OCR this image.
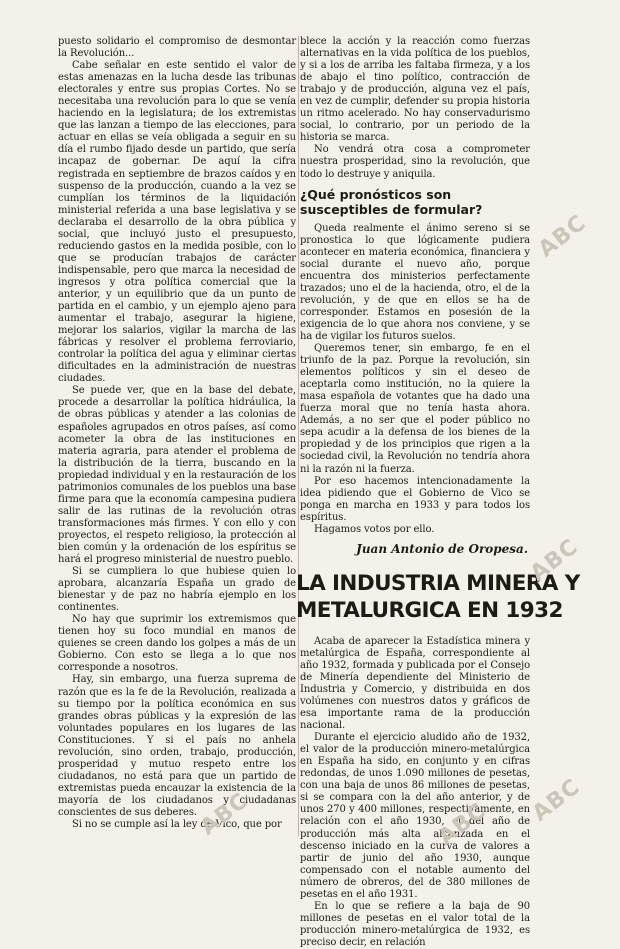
puesto solidario el compromiso de desmontar la Revolución...

Cabe señalar en este sentido el valor de estas amenazas en la lucha desde las tribunas electorales y entre sus propias Cortes. No se necesitaba una revolución para lo que se venía haciendo en la legislatura; de los extremistas que las lanzan a tiempo de las elecciones, para actuar en ellas se veía obligada a seguir en su día el rumbo fijado desde un partido, que sería incapaz de gobernar. De aquí la cifra registrada en septiembre de brazos caídos y en suspenso de la producción, cuando a la vez se cumplían los términos de la liquidación ministerial referida a una base legislativa y se declaraba el desarrollo de la obra pública y social, que incluyó justo el presupuesto, reduciendo gastos en la medida posible, con lo que se producían trabajos de carácter indispensable, pero que marca la necesidad de ingresos y otra política comercial que la anterior, y un equilibrio que da un punto de partida en el cambio, y un ejemplo ajeno para aumentar el trabajo, asegurar la higiene, mejorar los salarios, vigilar la marcha de las fábricas y resolver el problema ferroviario, controlar la política del agua y eliminar ciertas dificultades en la administración de nuestras ciudades.

Se puede ver, que en la base del debate, procede a desarrollar la política hidráulica, la de obras públicas y atender a las colonias de españoles agrupados en otros países, así como acometer la obra de las instituciones en materia agraria, para atender el problema de la distribución de la tierra, buscando en la propiedad individual y en la restauración de los patrimonios comunales de los pueblos una base firme para que la economía campesina pudiera salir de las rutinas de la revolución otras transformaciones más firmes. Y con ello y con proyectos, el respeto religioso, la protección al bien común y la ordenación de los espíritus se hará el progreso ministerial de nuestro pueblo.

Si se cumpliera lo que hubiese quien lo aprobara, alcanzaría España un grado de bienestar y de paz no habría ejemplo en los continentes.

No hay que suprimir los extremismos que tienen hoy su foco mundial en manos de quienes se creen dando los golpes a más de un Gobierno. Con esto se llega a lo que nos corresponde a nosotros.

Hay, sin embargo, una fuerza suprema de razón que es la fe de la Revolución, realizada a su tiempo por la política económica en sus grandes obras públicas y la expresión de las voluntades populares en los lugares de las Constituciones. Y si el país no anhela revolución, sino orden, trabajo, producción, prosperidad y mutuo respeto entre los ciudadanos, no está para que un partido de extremistas pueda encauzar la existencia de la mayoría de los ciudadanos y ciudadanas conscientes de sus deberes.

Si no se cumple así la ley de Vico, que por

blece la acción y la reacción como fuerzas alternativas en la vida política de los pueblos, y si a los de arriba les faltaba firmeza, y a los de abajo el tino político, contracción de trabajo y de producción, alguna vez el país, en vez de cumplir, defender su propia historia un ritmo acelerado. No hay conservadurismo social, lo contrario, por un periodo de la historia se marca.

No vendrá otra cosa a comprometer nuestra prosperidad, sino la revolución, que todo lo destruye y aniquila.

¿Qué pronósticos son susceptibles de formular?

Queda realmente el ánimo sereno si se pronostica lo que lógicamente pudiera acontecer en materia económica, financiera y social durante el nuevo año, porque encuentra dos ministerios perfectamente trazados; uno el de la hacienda, otro, el de la revolución, y de que en ellos se ha de corresponder. Estamos en posesión de la exigencia de lo que ahora nos conviene, y se ha de vigilar los futuros suelos.

Queremos tener, sin embargo, fe en el triunfo de la paz. Porque la revolución, sin elementos políticos y sin el deseo de aceptarla como institución, no la quiere la masa española de votantes que ha dado una fuerza moral que no tenía hasta ahora. Además, a no ser que el poder público no sepa acudir a la defensa de los bienes de la propiedad y de los principios que rigen a la sociedad civil, la Revolución no tendría ahora ni la razón ni la fuerza.

Por eso hacemos intencionadamente la idea pidiendo que el Gobierno de Vico se ponga en marcha en 1933 y para todos los espíritus.

Hagamos votos por ello.

Juan Antonio de Oropesa.
LA INDUSTRIA MINERA Y
METALURGICA EN 1932

Acaba de aparecer la Estadística minera y metalúrgica de España, correspondiente al año 1932, formada y publicada por el Consejo de Minería dependiente del Ministerio de Industria y Comercio, y distribuida en dos volúmenes con nuestros datos y gráficos de esa importante rama de la producción nacional.

Durante el ejercicio aludido año de 1932, el valor de la producción minero-metalúrgica en España ha sido, en conjunto y en cifras redondas, de unos 1.090 millones de pesetas, con una baja de unos 86 millones de pesetas, si se compara con la del año anterior, y de unos 270 y 400 millones, respectivamente, en relación con el año 1930, el del año de producción más alta alcanzada en el descenso iniciado en la curva de valores a partir de junio del año 1930, aunque compensado con el notable aumento del número de obreros, del de 380 millones de pesetas en el año 1931.

En lo que se refiere a la baja de 90 millones de pesetas en el valor total de la producción minero-metalúrgica de 1932, es preciso decir, en relación

ABC
ABC
ABC
ABC	ABC
